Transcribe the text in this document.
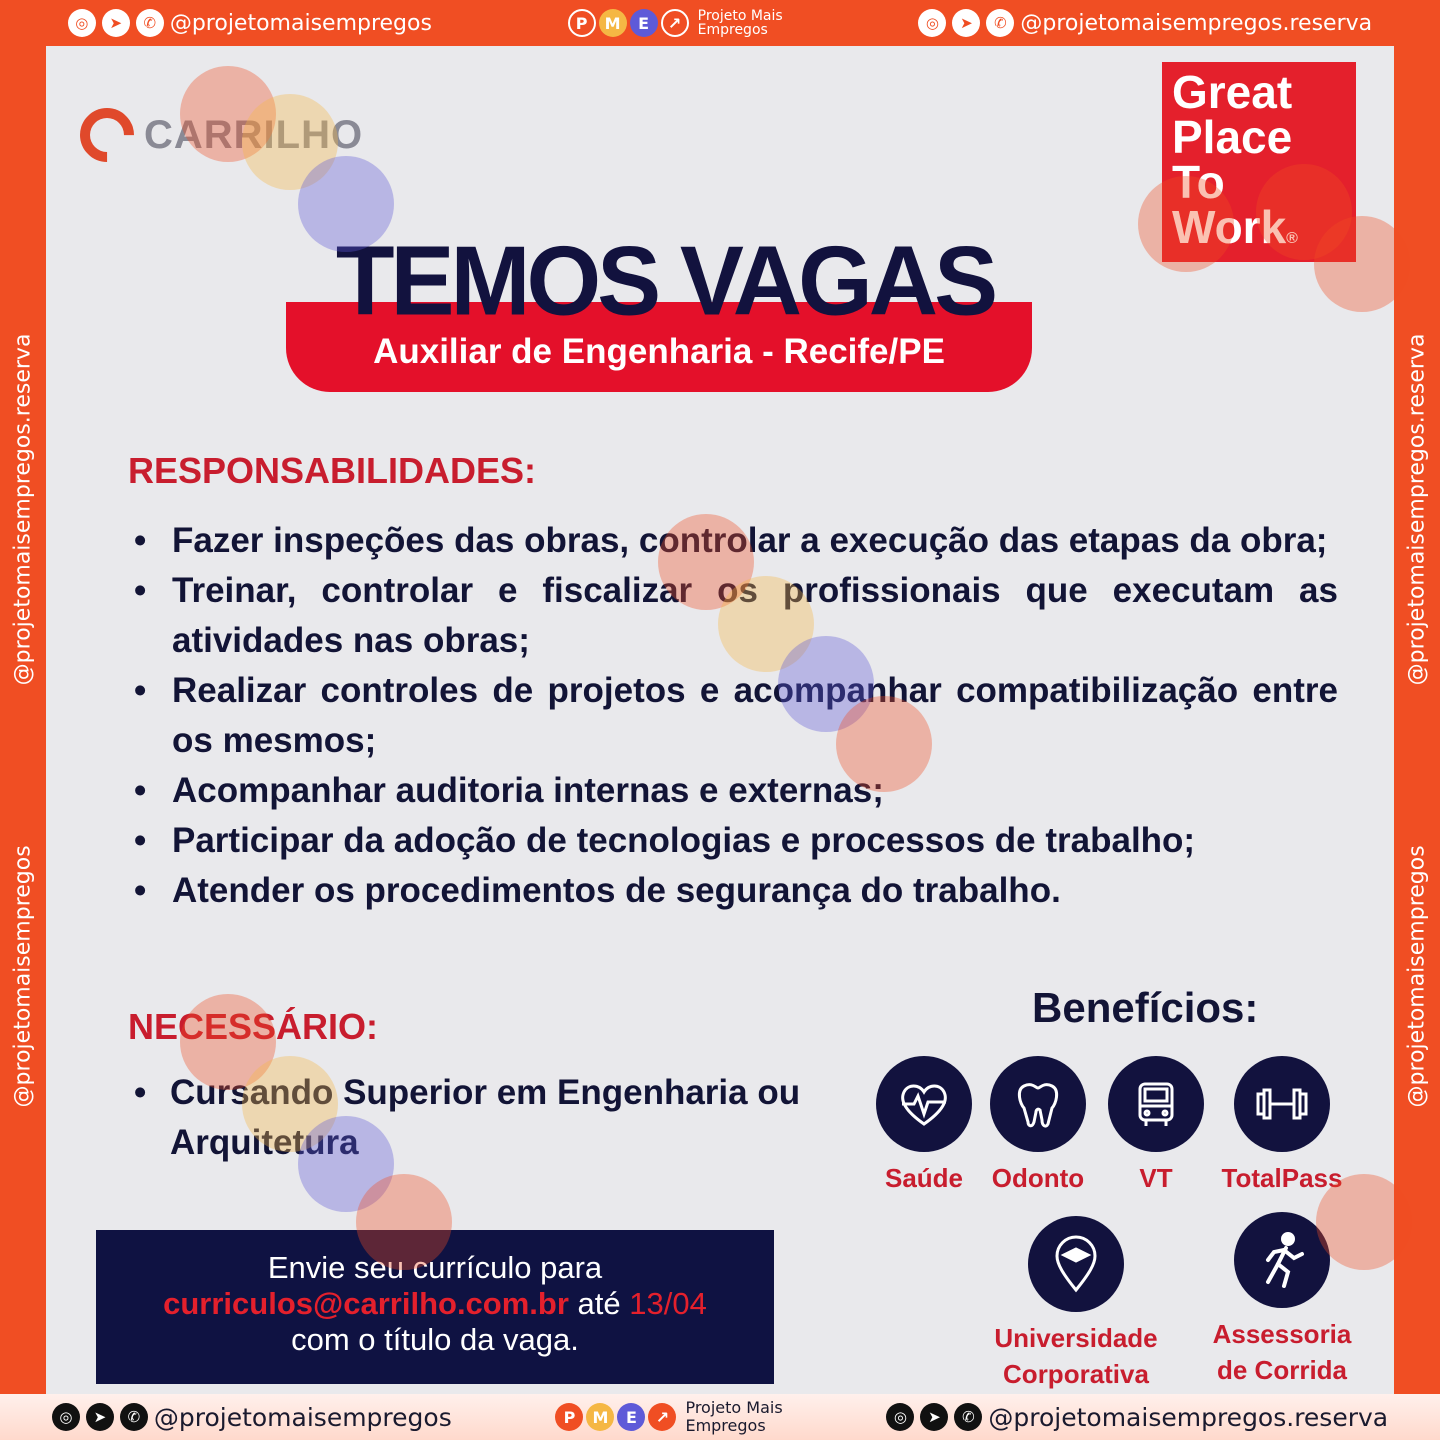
◎	➤	✆ @projetomaisempregos	P	M	E	↗	Projeto Mais
Empregos	◎	➤	✆ @projetomaisempregos.reserva
@projetomaisempregos
@projetomaisempregos.reserva
@projetomaisempregos
@projetomaisempregos.reserva
CARRILHO
Great
Place
To
Work®
Auxiliar de Engenharia - Recife/PE
TEMOS VAGAS
RESPONSABILIDADES:
• Fazer inspeções das obras, controlar a execução das etapas da obra;
• Treinar, controlar e fiscalizar os profissionais que executam as atividades nas obras;
• Realizar controles de projetos e acompanhar compatibilização entre os mesmos;
• Acompanhar auditoria internas e externas;
• Participar da adoção de tecnologias e processos de trabalho;
• Atender os procedimentos de segurança do trabalho.
NECESSÁRIO:
• Cursando Superior em Engenharia ou Arquitetura
Benefícios:
Saúde	Odonto	VT	TotalPass
Universidade
Corporativa
Assessoria
de Corrida
Envie seu currículo para
curriculos@carrilho.com.br até 13/04
com o título da vaga.
◎	➤	✆ @projetomaisempregos	P	M	E	↗	Projeto Mais
Empregos	◎	➤	✆ @projetomaisempregos.reserva
